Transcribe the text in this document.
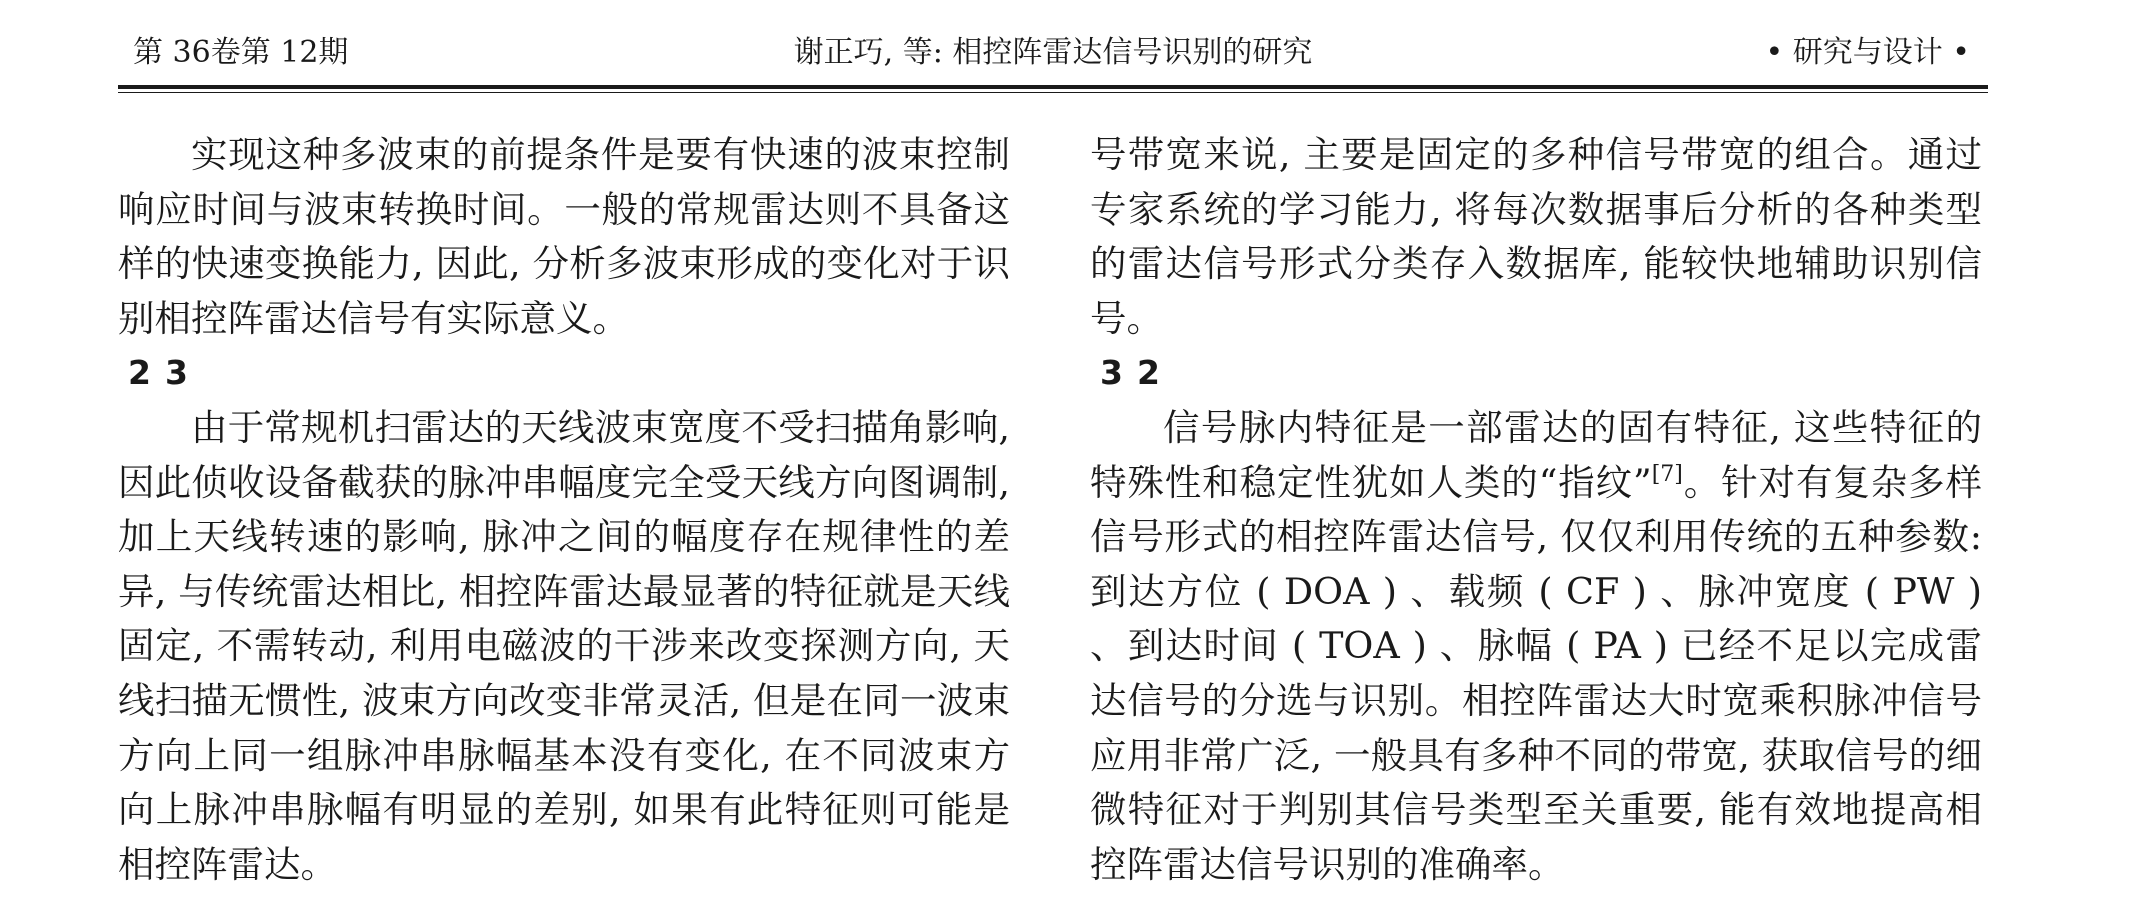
第 36卷第 12期	谢正巧, 等: 相控阵雷达信号识别的研究	• 研究与设计 •

实现这种多波束的前提条件是要有快速的波束控制响应时间与波束转换时间。一般的常规雷达则不具备这样的快速变换能力, 因此, 分析多波束形成的变化对于识别相控阵雷达信号有实际意义。

2 3

由于常规机扫雷达的天线波束宽度不受扫描角影响, 因此侦收设备截获的脉冲串幅度完全受天线方向图调制, 加上天线转速的影响, 脉冲之间的幅度存在规律性的差异, 与传统雷达相比, 相控阵雷达最显著的特征就是天线固定, 不需转动, 利用电磁波的干涉来改变探测方向, 天线扫描无惯性, 波束方向改变非常灵活, 但是在同一波束方向上同一组脉冲串脉幅基本没有变化, 在不同波束方向上脉冲串脉幅有明显的差别, 如果有此特征则可能是相控阵雷达。

号带宽来说, 主要是固定的多种信号带宽的组合。通过专家系统的学习能力, 将每次数据事后分析的各种类型的雷达信号形式分类存入数据库, 能较快地辅助识别信号。

3 2

信号脉内特征是一部雷达的固有特征, 这些特征的特殊性和稳定性犹如人类的“指纹”[7]。针对有复杂多样信号形式的相控阵雷达信号, 仅仅利用传统的五种参数: 到达方位 ( DOA ) 、载频 ( CF ) 、脉冲宽度 ( PW ) 、到达时间 ( TOA ) 、脉幅 ( PA ) 已经不足以完成雷达信号的分选与识别。相控阵雷达大时宽乘积脉冲信号应用非常广泛, 一般具有多种不同的带宽, 获取信号的细微特征对于判别其信号类型至关重要, 能有效地提高相控阵雷达信号识别的准确率。
